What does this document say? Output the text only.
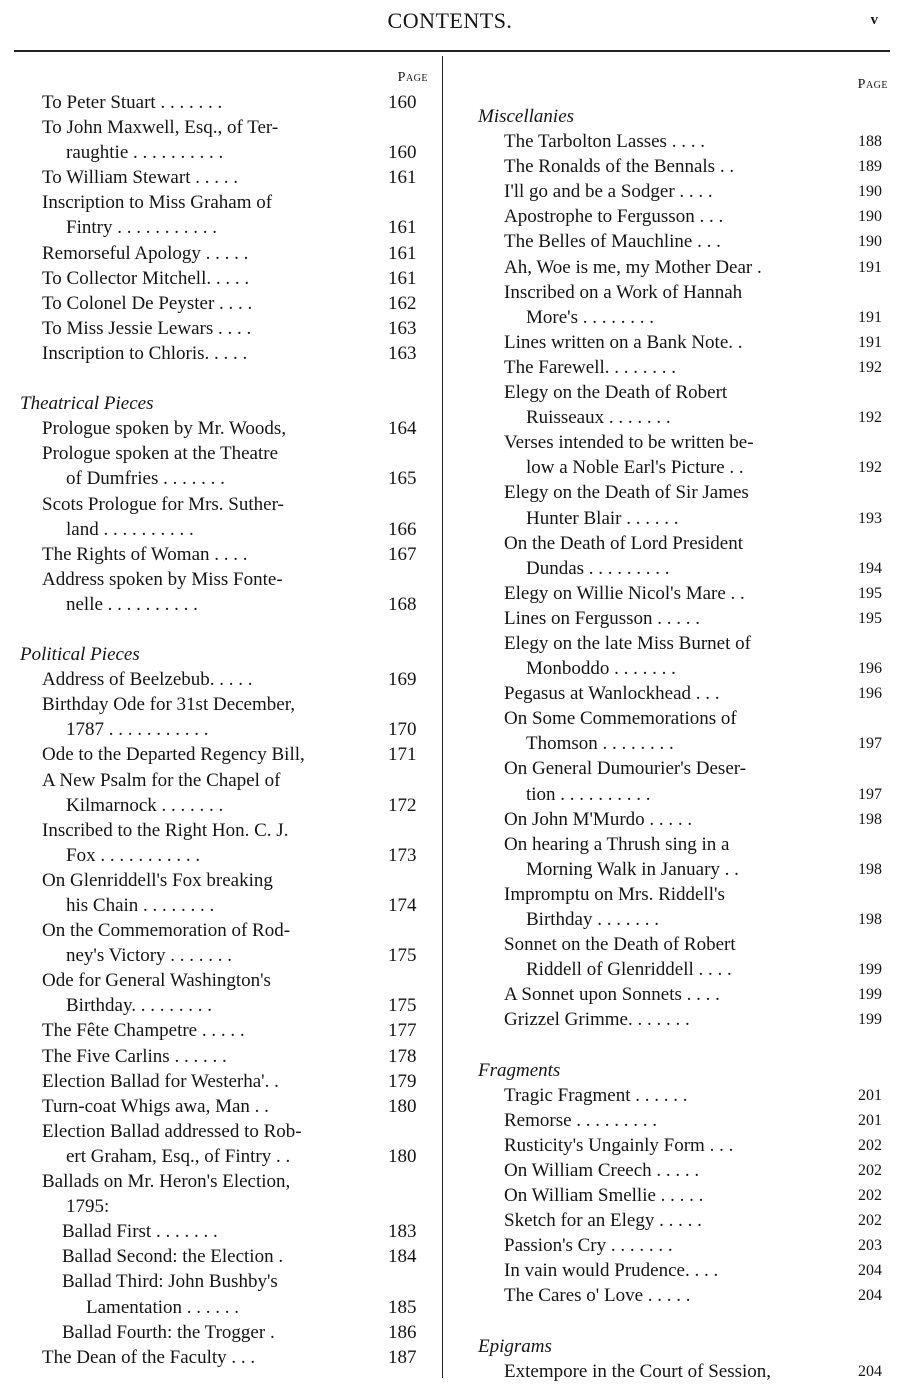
CONTENTS.	v
Page
To Peter Stuart . . . . . . .	160
To John Maxwell, Esq., of Ter-
raughtie . . . . . . . . . .	160
To William Stewart . . . . .	161
Inscription to Miss Graham of
Fintry . . . . . . . . . . .	161
Remorseful Apology . . . . .	161
To Collector Mitchell. . . . .	161
To Colonel De Peyster . . . .	162
To Miss Jessie Lewars . . . .	163
Inscription to Chloris. . . . .	163
Theatrical Pieces
Prologue spoken by Mr. Woods,	164
Prologue spoken at the Theatre
of Dumfries . . . . . . .	165
Scots Prologue for Mrs. Suther-
land . . . . . . . . . .	166
The Rights of Woman . . . .	167
Address spoken by Miss Fonte-
nelle . . . . . . . . . .	168
Political Pieces
Address of Beelzebub. . . . .	169
Birthday Ode for 31st December,
1787 . . . . . . . . . . .	170
Ode to the Departed Regency Bill,	171
A New Psalm for the Chapel of
Kilmarnock . . . . . . .	172
Inscribed to the Right Hon. C. J.
Fox . . . . . . . . . . .	173
On Glenriddell's Fox breaking
his Chain . . . . . . . .	174
On the Commemoration of Rod-
ney's Victory . . . . . . .	175
Ode for General Washington's
Birthday. . . . . . . . .	175
The Fête Champetre . . . . .	177
The Five Carlins . . . . . .	178
Election Ballad for Westerha'. .	179
Turn-coat Whigs awa, Man . .	180
Election Ballad addressed to Rob-
ert Graham, Esq., of Fintry . .	180
Ballads on Mr. Heron's Election,
1795:
Ballad First . . . . . . .	183
Ballad Second: the Election .	184
Ballad Third: John Bushby's
Lamentation . . . . . .	185
Ballad Fourth: the Trogger .	186
The Dean of the Faculty . . .	187
Page
Miscellanies
The Tarbolton Lasses . . . .	188
The Ronalds of the Bennals . .	189
I'll go and be a Sodger . . . .	190
Apostrophe to Fergusson . . .	190
The Belles of Mauchline . . .	190
Ah, Woe is me, my Mother Dear .	191
Inscribed on a Work of Hannah
More's . . . . . . . .	191
Lines written on a Bank Note. .	191
The Farewell. . . . . . . .	192
Elegy on the Death of Robert
Ruisseaux . . . . . . .	192
Verses intended to be written be-
low a Noble Earl's Picture . .	192
Elegy on the Death of Sir James
Hunter Blair . . . . . .	193
On the Death of Lord President
Dundas . . . . . . . . .	194
Elegy on Willie Nicol's Mare . .	195
Lines on Fergusson . . . . .	195
Elegy on the late Miss Burnet of
Monboddo . . . . . . .	196
Pegasus at Wanlockhead . . .	196
On Some Commemorations of
Thomson . . . . . . . .	197
On General Dumourier's Deser-
tion . . . . . . . . . .	197
On John M'Murdo . . . . .	198
On hearing a Thrush sing in a
Morning Walk in January . .	198
Impromptu on Mrs. Riddell's
Birthday . . . . . . .	198
Sonnet on the Death of Robert
Riddell of Glenriddell . . . .	199
A Sonnet upon Sonnets . . . .	199
Grizzel Grimme. . . . . . .	199
Fragments
Tragic Fragment . . . . . .	201
Remorse . . . . . . . . .	201
Rusticity's Ungainly Form . . .	202
On William Creech . . . . .	202
On William Smellie . . . . .	202
Sketch for an Elegy . . . . .	202
Passion's Cry . . . . . . .	203
In vain would Prudence. . . .	204
The Cares o' Love . . . . .	204
Epigrams
Extempore in the Court of Session,	204
